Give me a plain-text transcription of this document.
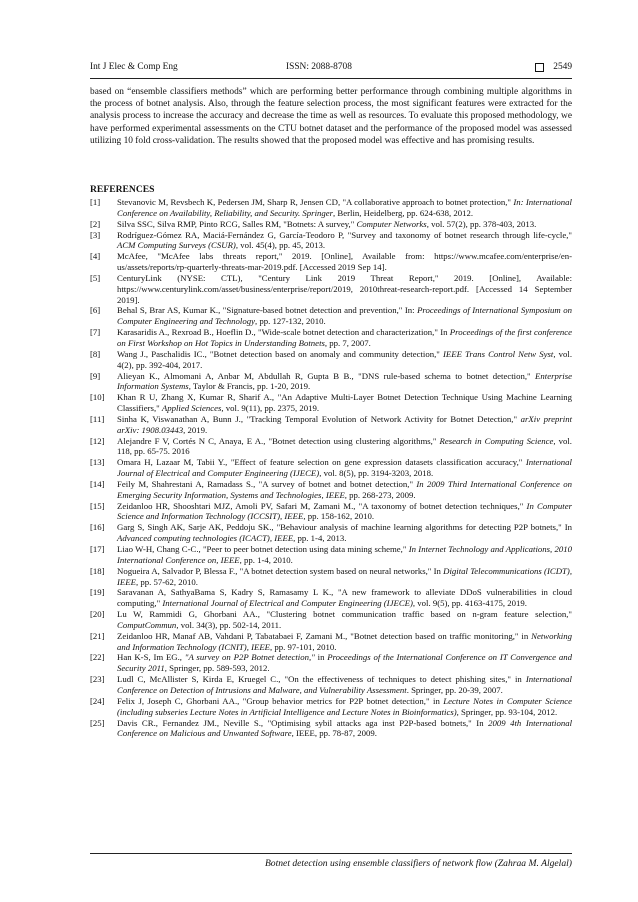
Int J Elec & Comp Eng	ISSN: 2088-8708	2549

based on “ensemble classifiers methods” which are performing better performance through combining multiple algorithms in the process of botnet analysis. Also, through the feature selection process, the most significant features were extracted for the analysis process to increase the accuracy and decrease the time as well as resources. To evaluate this proposed methodology, we have performed experimental assessments on the CTU botnet dataset and the performance of the proposed model was assessed utilizing 10 fold cross-validation. The results showed that the proposed model was effective and has promising results.

REFERENCES

[1] Stevanovic M, Revsbech K, Pedersen JM, Sharp R, Jensen CD, "A collaborative approach to botnet protection," In: International Conference on Availability, Reliability, and Security. Springer, Berlin, Heidelberg, pp. 624-638, 2012.
[2] Silva SSC, Silva RMP, Pinto RCG, Salles RM, "Botnets: A survey," Computer Networks, vol. 57(2), pp. 378-403, 2013.
[3] Rodríguez-Gómez RA, Maciá-Fernández G, García-Teodoro P, "Survey and taxonomy of botnet research through life-cycle," ACM Computing Surveys (CSUR), vol. 45(4), pp. 45, 2013.
[4] McAfee, "McAfee labs threats report," 2019. [Online], Available from: https://www.mcafee.com/enterprise/en-us/assets/reports/rp-quarterly-threats-mar-2019.pdf. [Accessed 2019 Sep 14].
[5] CenturyLink (NYSE: CTL), "Century Link 2019 Threat Report," 2019. [Online], Available: https://www.centurylink.com/asset/business/enterprise/report/2019, 2010threat-research-report.pdf. [Accessed 14 September 2019].
[6] Behal S, Brar AS, Kumar K., "Signature-based botnet detection and prevention," In: Proceedings of International Symposium on Computer Engineering and Technology, pp. 127-132, 2010.
[7] Karasaridis A., Rexroad B., Hoeflin D., "Wide-scale botnet detection and characterization," In Proceedings of the first conference on First Workshop on Hot Topics in Understanding Botnets, pp. 7, 2007.
[8] Wang J., Paschalidis IC., "Botnet detection based on anomaly and community detection," IEEE Trans Control Netw Syst, vol. 4(2), pp. 392-404, 2017.
[9] Alieyan K., Almomani A, Anbar M, Abdullah R, Gupta B B., "DNS rule-based schema to botnet detection," Enterprise Information Systems, Taylor & Francis, pp. 1-20, 2019.
[10] Khan R U, Zhang X, Kumar R, Sharif A., "An Adaptive Multi-Layer Botnet Detection Technique Using Machine Learning Classifiers," Applied Sciences, vol. 9(11), pp. 2375, 2019.
[11] Sinha K, Viswanathan A, Bunn J., "Tracking Temporal Evolution of Network Activity for Botnet Detection," arXiv preprint arXiv: 1908.03443, 2019.
[12] Alejandre F V, Cortés N C, Anaya, E A., "Botnet detection using clustering algorithms," Research in Computing Science, vol. 118, pp. 65-75. 2016
[13] Omara H, Lazaar M, Tabii Y., "Effect of feature selection on gene expression datasets classification accuracy," International Journal of Electrical and Computer Engineering (IJECE), vol. 8(5), pp. 3194-3203, 2018.
[14] Feily M, Shahrestani A, Ramadass S., "A survey of botnet and botnet detection," In 2009 Third International Conference on Emerging Security Information, Systems and Technologies, IEEE, pp. 268-273, 2009.
[15] Zeidanloo HR, Shooshtari MJZ, Amoli PV, Safari M, Zamani M., "A taxonomy of botnet detection techniques," In Computer Science and Information Technology (ICCSIT), IEEE, pp. 158-162, 2010.
[16] Garg S, Singh AK, Sarje AK, Peddoju SK., "Behaviour analysis of machine learning algorithms for detecting P2P botnets," In Advanced computing technologies (ICACT), IEEE, pp. 1-4, 2013.
[17] Liao W-H, Chang C-C., "Peer to peer botnet detection using data mining scheme," In Internet Technology and Applications, 2010 International Conference on, IEEE, pp. 1-4, 2010.
[18] Nogueira A, Salvador P, Blessa F., "A botnet detection system based on neural networks," In Digital Telecommunications (ICDT), IEEE, pp. 57-62, 2010.
[19] Saravanan A, SathyaBama S, Kadry S, Ramasamy L K., "A new framework to alleviate DDoS vulnerabilities in cloud computing," International Journal of Electrical and Computer Engineering (IJECE), vol. 9(5), pp. 4163-4175, 2019.
[20] Lu W, Rammidi G, Ghorbani AA., "Clustering botnet communication traffic based on n-gram feature selection," ComputCommun, vol. 34(3), pp. 502-14, 2011.
[21] Zeidanloo HR, Manaf AB, Vahdani P, Tabatabaei F, Zamani M., "Botnet detection based on traffic monitoring," in Networking and Information Technology (ICNIT), IEEE, pp. 97-101, 2010.
[22] Han K-S, Im EG., "A survey on P2P Botnet detection," in Proceedings of the International Conference on IT Convergence and Security 2011, Springer, pp. 589-593, 2012.
[23] Ludl C, McAllister S, Kirda E, Kruegel C., "On the effectiveness of techniques to detect phishing sites," in International Conference on Detection of Intrusions and Malware, and Vulnerability Assessment. Springer, pp. 20-39, 2007.
[24] Felix J, Joseph C, Ghorbani AA., "Group behavior metrics for P2P botnet detection," in Lecture Notes in Computer Science (including subseries Lecture Notes in Artificial Intelligence and Lecture Notes in Bioinformatics), Springer, pp. 93-104, 2012.
[25] Davis CR., Fernandez JM., Neville S., "Optimising sybil attacks aga inst P2P-based botnets," In 2009 4th International Conference on Malicious and Unwanted Software, IEEE, pp. 78-87, 2009.
Botnet detection using ensemble classifiers of network flow (Zahraa M. Algelal)
